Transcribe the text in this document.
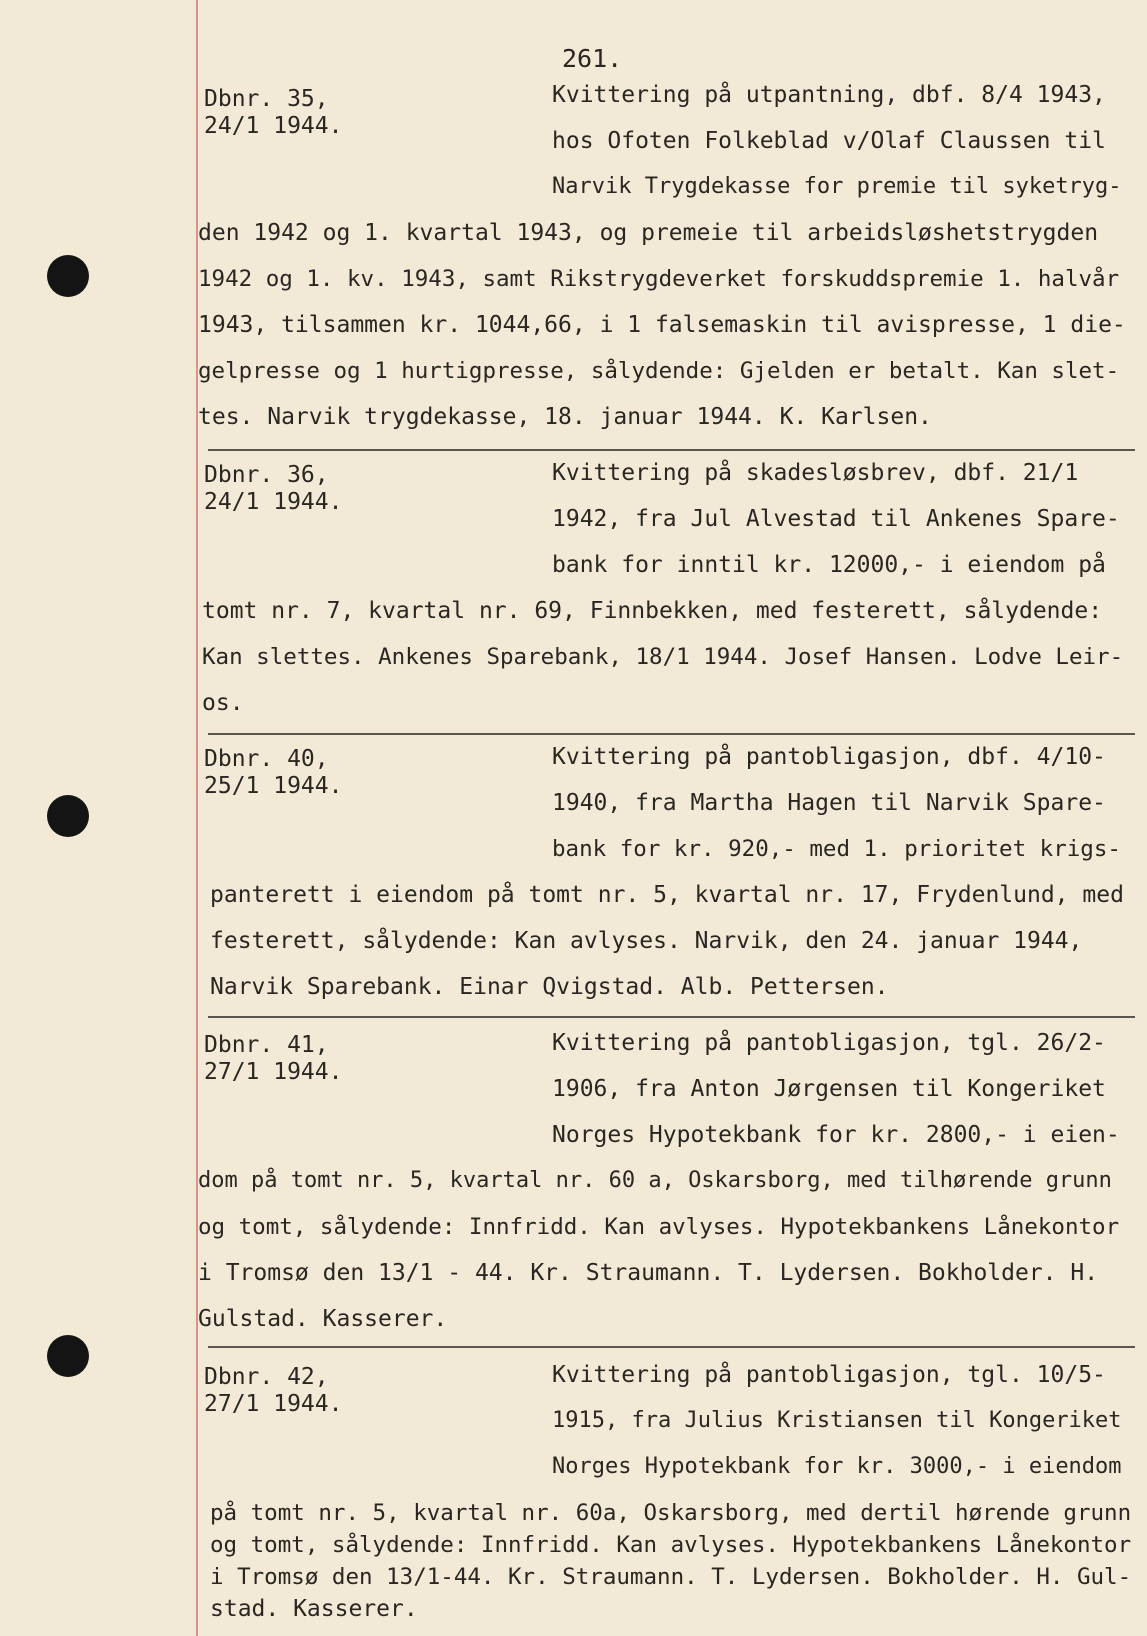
261.
Dbnr. 35,
24/1 1944.
Kvittering på utpantning, dbf. 8/4 1943,
hos Ofoten Folkeblad v/Olaf Claussen til
Narvik Trygdekasse for premie til syketryg-
den 1942 og 1. kvartal 1943, og premeie til arbeidsløshetstrygden
1942 og 1. kv. 1943, samt Rikstrygdeverket forskuddspremie 1. halvår
1943, tilsammen kr. 1044,66, i 1 falsemaskin til avispresse, 1 die-
gelpresse og 1 hurtigpresse, sålydende: Gjelden er betalt. Kan slet-
tes. Narvik trygdekasse, 18. januar 1944. K. Karlsen.
Dbnr. 36,
24/1 1944.
Kvittering på skadesløsbrev, dbf. 21/1
1942, fra Jul Alvestad til Ankenes Spare-
bank for inntil kr. 12000,- i eiendom på
tomt nr. 7, kvartal nr. 69, Finnbekken, med festerett, sålydende:
Kan slettes. Ankenes Sparebank, 18/1 1944. Josef Hansen. Lodve Leir-
os.
Dbnr. 40,
25/1 1944.
Kvittering på pantobligasjon, dbf. 4/10-
1940, fra Martha Hagen til Narvik Spare-
bank for kr. 920,- med 1. prioritet krigs-
panterett i eiendom på tomt nr. 5, kvartal nr. 17, Frydenlund, med
festerett, sålydende: Kan avlyses. Narvik, den 24. januar 1944,
Narvik Sparebank. Einar Qvigstad. Alb. Pettersen.
Dbnr. 41,
27/1 1944.
Kvittering på pantobligasjon, tgl. 26/2-
1906, fra Anton Jørgensen til Kongeriket
Norges Hypotekbank for kr. 2800,- i eien-
dom på tomt nr. 5, kvartal nr. 60 a, Oskarsborg, med tilhørende grunn
og tomt, sålydende: Innfridd. Kan avlyses. Hypotekbankens Lånekontor
i Tromsø den 13/1 - 44. Kr. Straumann. T. Lydersen. Bokholder. H.
Gulstad. Kasserer.
Dbnr. 42,
27/1 1944.
Kvittering på pantobligasjon, tgl. 10/5-
1915, fra Julius Kristiansen til Kongeriket
Norges Hypotekbank for kr. 3000,- i eiendom
på tomt nr. 5, kvartal nr. 60a, Oskarsborg, med dertil hørende grunn
og tomt, sålydende: Innfridd. Kan avlyses. Hypotekbankens Lånekontor
i Tromsø den 13/1-44. Kr. Straumann. T. Lydersen. Bokholder. H. Gul-
stad. Kasserer.
